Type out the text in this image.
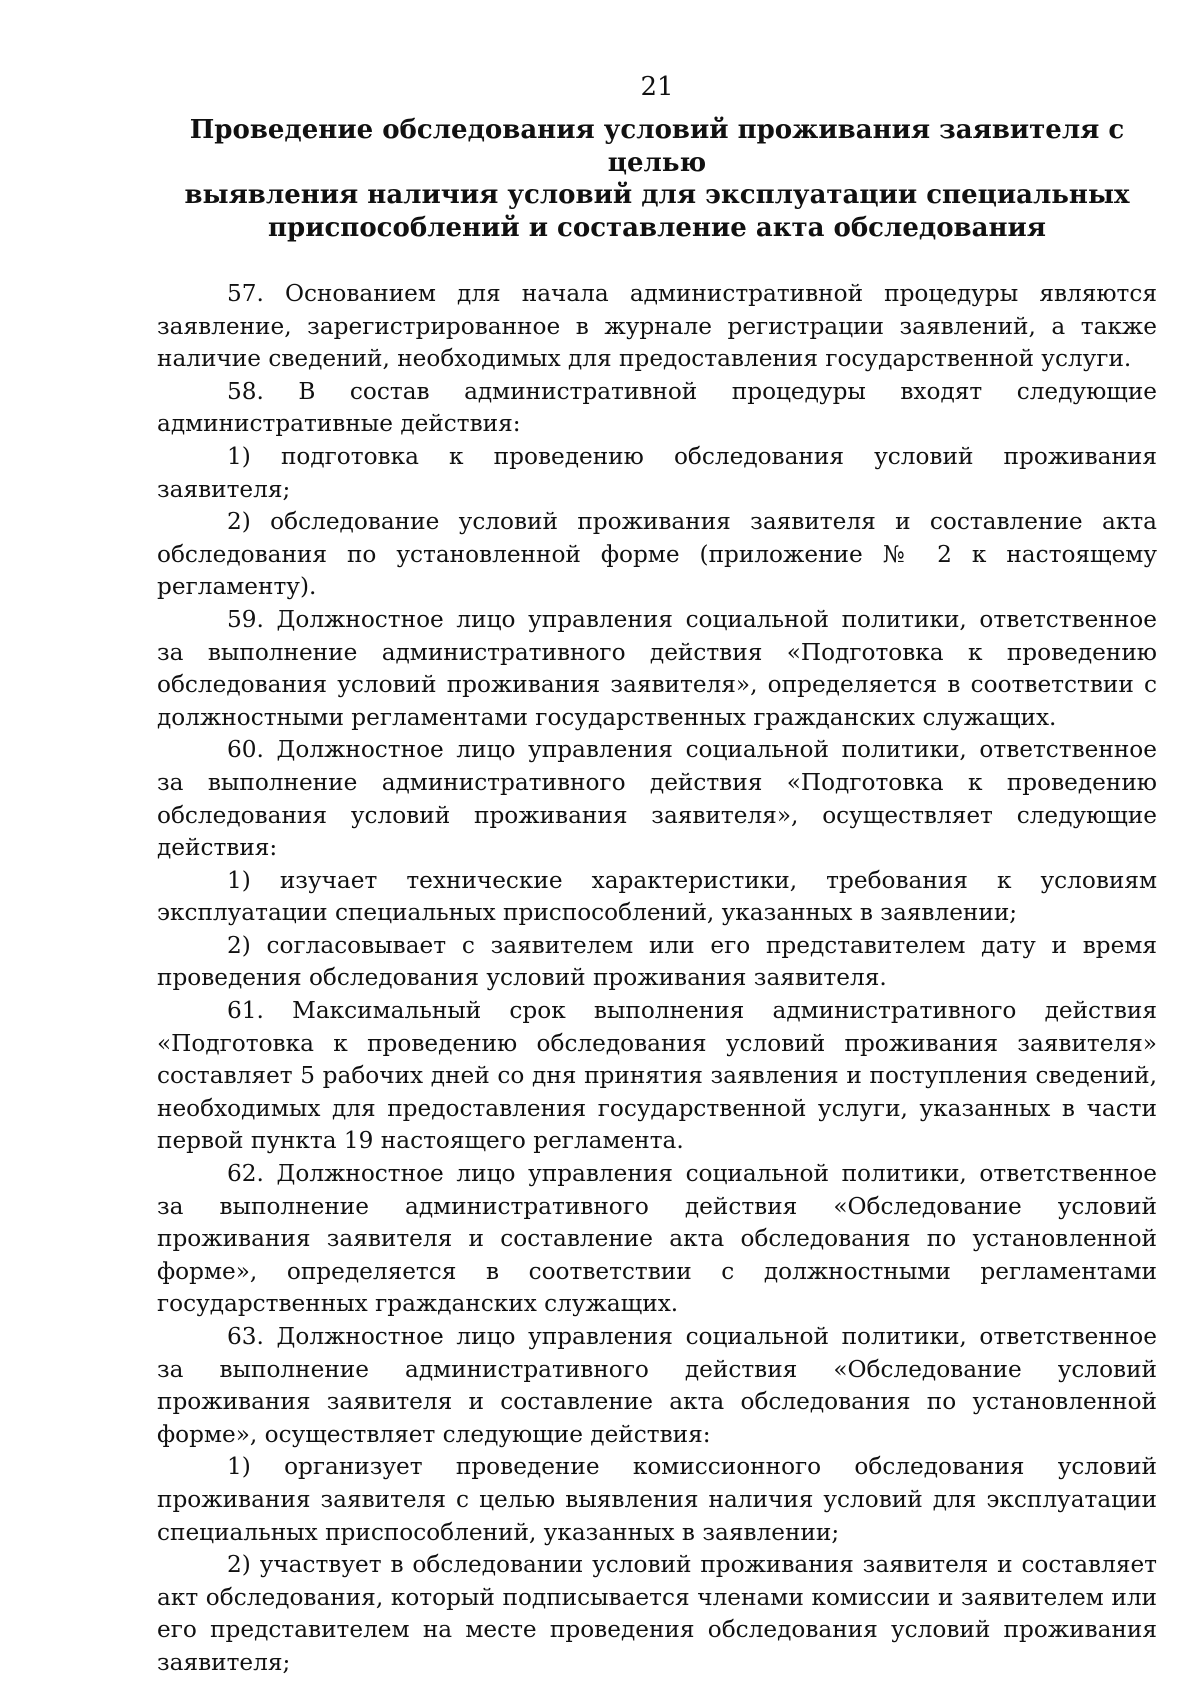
21
Проведение обследования условий проживания заявителя с целью
выявления наличия условий для эксплуатации специальных
приспособлений и составление акта обследования

57. Основанием для начала административной процедуры являются заявление, зарегистрированное в журнале регистрации заявлений, а также наличие сведений, необходимых для предоставления государственной услуги.

58. В состав административной процедуры входят следующие административные действия:

1) подготовка к проведению обследования условий проживания заявителя;

2) обследование условий проживания заявителя и составление акта обследования по установленной форме (приложение № 2 к настоящему регламенту).

59. Должностное лицо управления социальной политики, ответственное за выполнение административного действия «Подготовка к проведению обследования условий проживания заявителя», определяется в соответствии с должностными регламентами государственных гражданских служащих.

60. Должностное лицо управления социальной политики, ответственное за выполнение административного действия «Подготовка к проведению обследования условий проживания заявителя», осуществляет следующие действия:

1) изучает технические характеристики, требования к условиям эксплуатации специальных приспособлений, указанных в заявлении;

2) согласовывает с заявителем или его представителем дату и время проведения обследования условий проживания заявителя.

61. Максимальный срок выполнения административного действия «Подготовка к проведению обследования условий проживания заявителя» составляет 5 рабочих дней со дня принятия заявления и поступления сведений, необходимых для предоставления государственной услуги, указанных в части первой пункта 19 настоящего регламента.

62. Должностное лицо управления социальной политики, ответственное за выполнение административного действия «Обследование условий проживания заявителя и составление акта обследования по установленной форме», определяется в соответствии с должностными регламентами государственных гражданских служащих.

63. Должностное лицо управления социальной политики, ответственное за выполнение административного действия «Обследование условий проживания заявителя и составление акта обследования по установленной форме», осуществляет следующие действия:

1) организует проведение комиссионного обследования условий проживания заявителя с целью выявления наличия условий для эксплуатации специальных приспособлений, указанных в заявлении;

2) участвует в обследовании условий проживания заявителя и составляет акт обследования, который подписывается членами комиссии и заявителем или его представителем на месте проведения обследования условий проживания заявителя;
